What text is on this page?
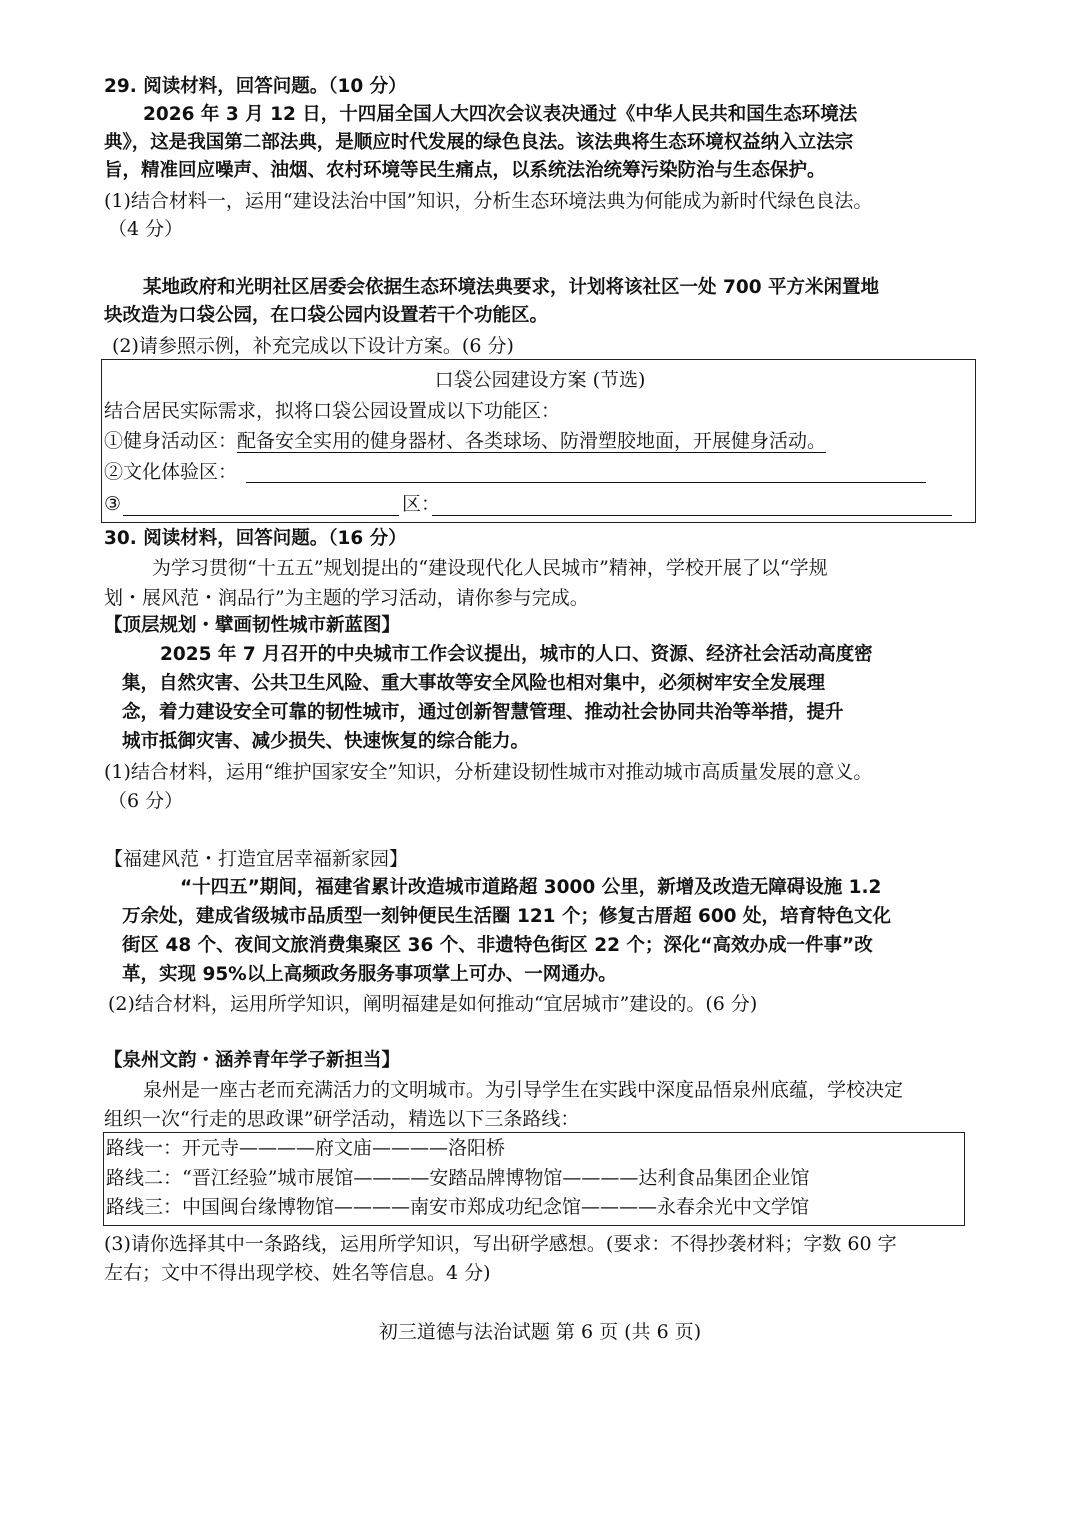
29. 阅读材料，回答问题。（10 分）
2026 年 3 月 12 日，十四届全国人大四次会议表决通过《中华人民共和国生态环境法
典》，这是我国第二部法典，是顺应时代发展的绿色良法。该法典将生态环境权益纳入立法宗
旨，精准回应噪声、油烟、农村环境等民生痛点，以系统法治统筹污染防治与生态保护。
(1)结合材料一，运用“建设法治中国”知识，分析生态环境法典为何能成为新时代绿色良法。
（4 分）
某地政府和光明社区居委会依据生态环境法典要求，计划将该社区一处 700 平方米闲置地
块改造为口袋公园，在口袋公园内设置若干个功能区。
(2)请参照示例，补充完成以下设计方案。(6 分)
口袋公园建设方案 (节选)
结合居民实际需求，拟将口袋公园设置成以下功能区：
①健身活动区：配备安全实用的健身器材、各类球场、防滑塑胶地面，开展健身活动。
②文化体验区：
③	区：
30. 阅读材料，回答问题。（16 分）
为学习贯彻“十五五”规划提出的“建设现代化人民城市”精神，学校开展了以“学规
划・展风范・润品行”为主题的学习活动，请你参与完成。
【顶层规划・擘画韧性城市新蓝图】
2025 年 7 月召开的中央城市工作会议提出，城市的人口、资源、经济社会活动高度密
集，自然灾害、公共卫生风险、重大事故等安全风险也相对集中，必须树牢安全发展理
念，着力建设安全可靠的韧性城市，通过创新智慧管理、推动社会协同共治等举措，提升
城市抵御灾害、减少损失、快速恢复的综合能力。
(1)结合材料，运用“维护国家安全”知识，分析建设韧性城市对推动城市高质量发展的意义。
（6 分）
【福建风范・打造宜居幸福新家园】
“十四五”期间，福建省累计改造城市道路超 3000 公里，新增及改造无障碍设施 1.2
万余处，建成省级城市品质型一刻钟便民生活圈 121 个；修复古厝超 600 处，培育特色文化
街区 48 个、夜间文旅消费集聚区 36 个、非遗特色街区 22 个；深化“高效办成一件事”改
革，实现 95%以上高频政务服务事项掌上可办、一网通办。
(2)结合材料，运用所学知识，阐明福建是如何推动“宜居城市”建设的。(6 分)
【泉州文韵・涵养青年学子新担当】
泉州是一座古老而充满活力的文明城市。为引导学生在实践中深度品悟泉州底蕴，学校决定
组织一次“行走的思政课”研学活动，精选以下三条路线：
路线一：开元寺————府文庙————洛阳桥
路线二：“晋江经验”城市展馆————安踏品牌博物馆————达利食品集团企业馆
路线三：中国闽台缘博物馆————南安市郑成功纪念馆————永春余光中文学馆
(3)请你选择其中一条路线，运用所学知识，写出研学感想。(要求：不得抄袭材料；字数 60 字
左右；文中不得出现学校、姓名等信息。4 分)
初三道德与法治试题 第 6 页 (共 6 页)
